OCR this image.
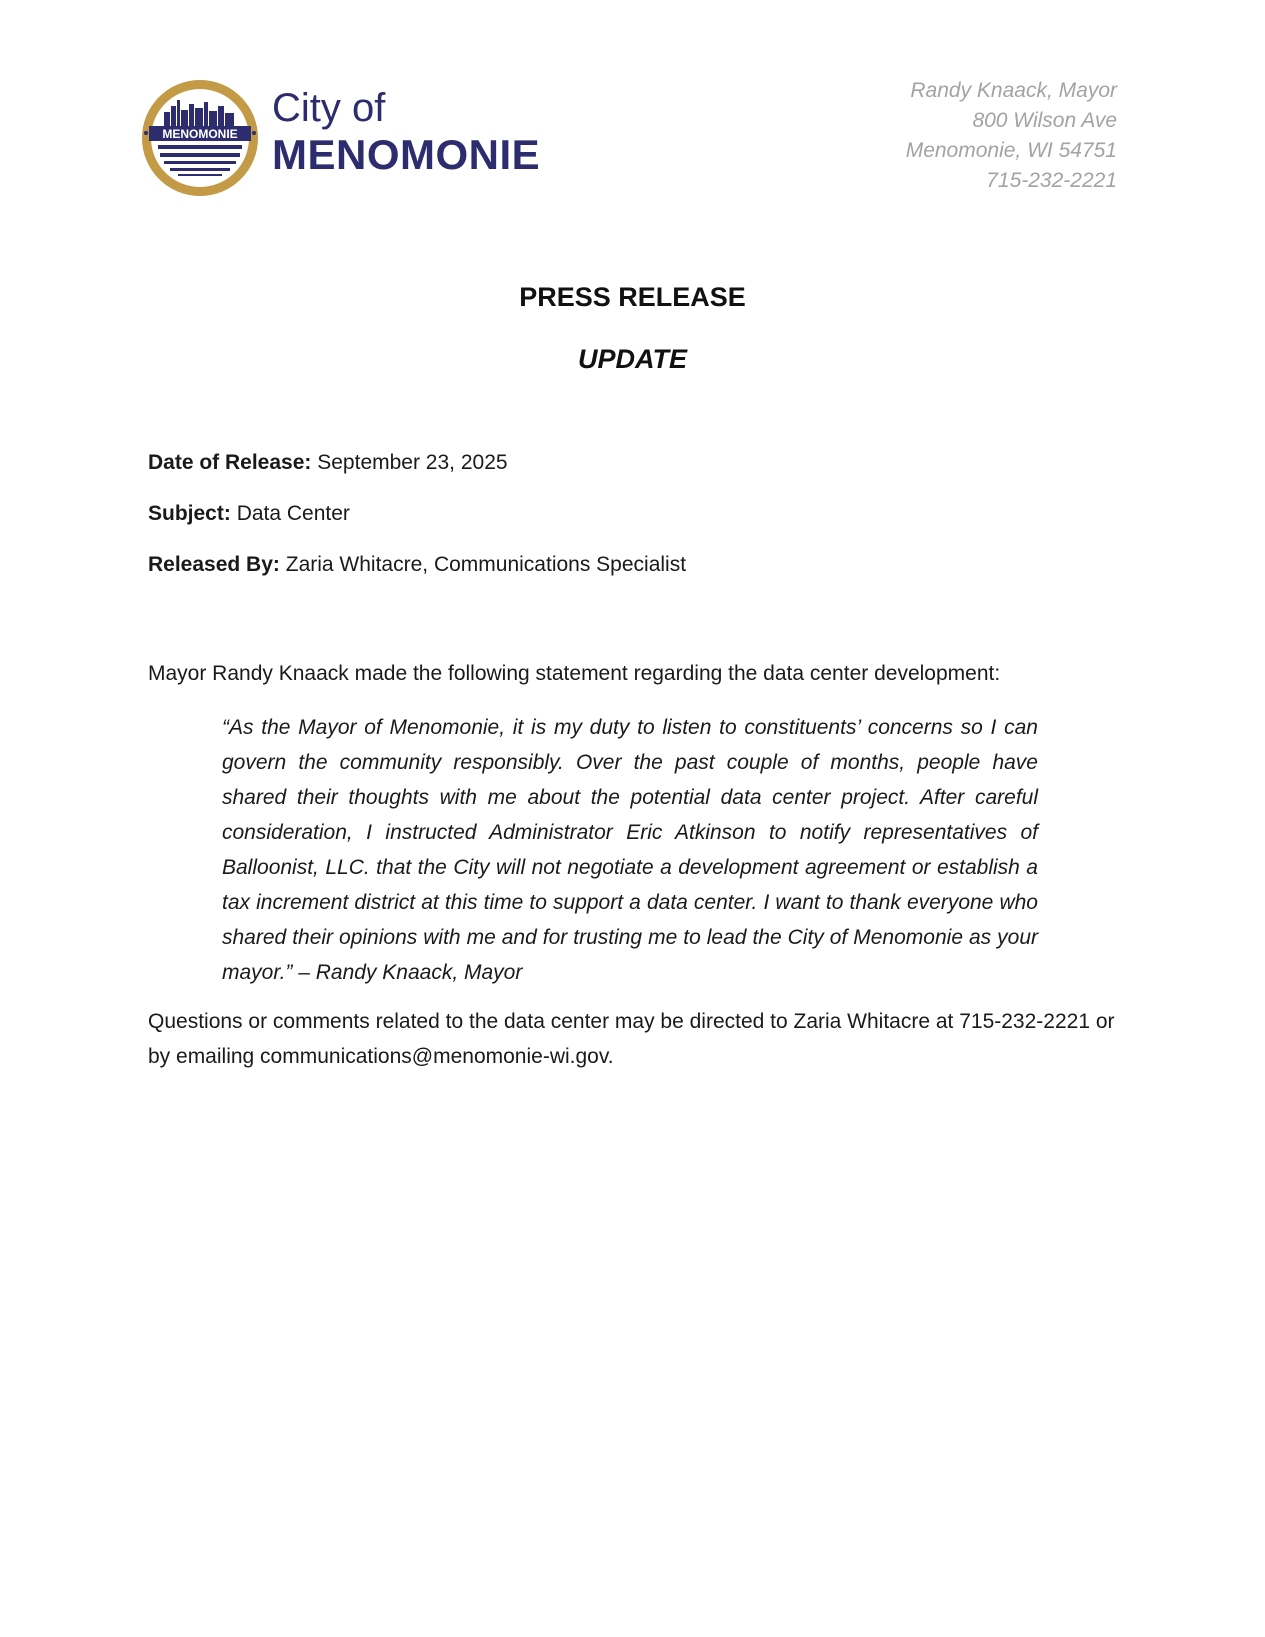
MENOMONIE
City of
MENOMONIE
Randy Knaack, Mayor
800 Wilson Ave
Menomonie, WI 54751
715-232-2221
PRESS RELEASE
UPDATE
Date of Release: September 23, 2025
Subject: Data Center
Released By: Zaria Whitacre, Communications Specialist
Mayor Randy Knaack made the following statement regarding the data center development:

“As the Mayor of Menomonie, it is my duty to listen to constituents’ concerns so I can govern the community responsibly. Over the past couple of months, people have shared their thoughts with me about the potential data center project. After careful consideration, I instructed Administrator Eric Atkinson to notify representatives of Balloonist, LLC. that the City will not negotiate a development agreement or establish a tax increment district at this time to support a data center. I want to thank everyone who shared their opinions with me and for trusting me to lead the City of Menomonie as your mayor.” – Randy Knaack, Mayor

Questions or comments related to the data center may be directed to Zaria Whitacre at 715-232-2221 or by emailing communications@menomonie-wi.gov.
